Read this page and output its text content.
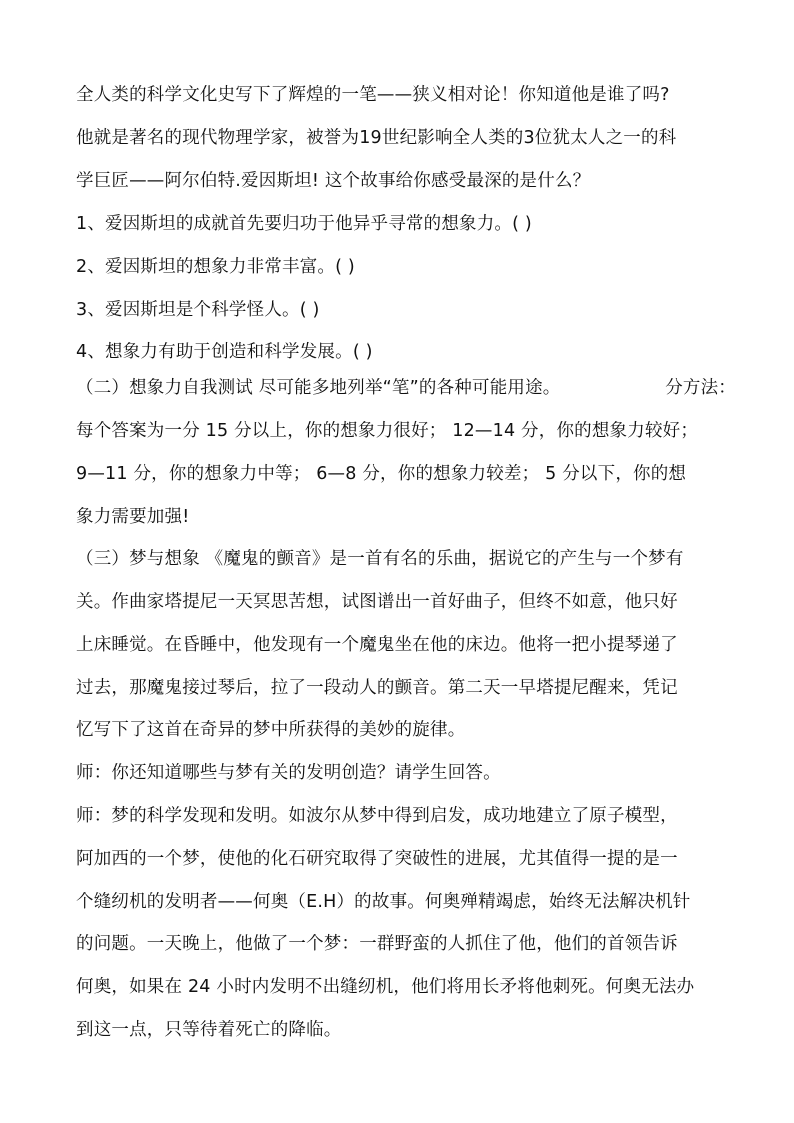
全人类的科学文化史写下了辉煌的一笔——狭义相对论！你知道他是谁了吗?
他就是著名的现代物理学家，被誉为19世纪影响全人类的3位犹太人之一的科
学巨匠——阿尔伯特.爱因斯坦! 这个故事给你感受最深的是什么？
1、爱因斯坦的成就首先要归功于他异乎寻常的想象力。( )
2、爱因斯坦的想象力非常丰富。( )
3、爱因斯坦是个科学怪人。( )
4、想象力有助于创造和科学发展。( )
（二）想象力自我测试 尽可能多地列举“笔”的各种可能用途。	分方法：
每个答案为一分 15 分以上，你的想象力很好； 12—14 分，你的想象力较好；
9—11 分，你的想象力中等； 6—8 分，你的想象力较差； 5 分以下，你的想
象力需要加强!
（三）梦与想象 《魔鬼的颤音》是一首有名的乐曲，据说它的产生与一个梦有
关。作曲家塔提尼一天冥思苦想，试图谱出一首好曲子，但终不如意，他只好
上床睡觉。在昏睡中，他发现有一个魔鬼坐在他的床边。他将一把小提琴递了
过去，那魔鬼接过琴后，拉了一段动人的颤音。第二天一早塔提尼醒来，凭记
忆写下了这首在奇异的梦中所获得的美妙的旋律。
师：你还知道哪些与梦有关的发明创造？请学生回答。
师：梦的科学发现和发明。如波尔从梦中得到启发，成功地建立了原子模型，
阿加西的一个梦，使他的化石研究取得了突破性的进展，尤其值得一提的是一
个缝纫机的发明者——何奥（E.H）的故事。何奥殚精竭虑，始终无法解决机针
的问题。一天晚上，他做了一个梦：一群野蛮的人抓住了他，他们的首领告诉
何奥，如果在 24 小时内发明不出缝纫机，他们将用长矛将他刺死。何奥无法办
到这一点，只等待着死亡的降临。
